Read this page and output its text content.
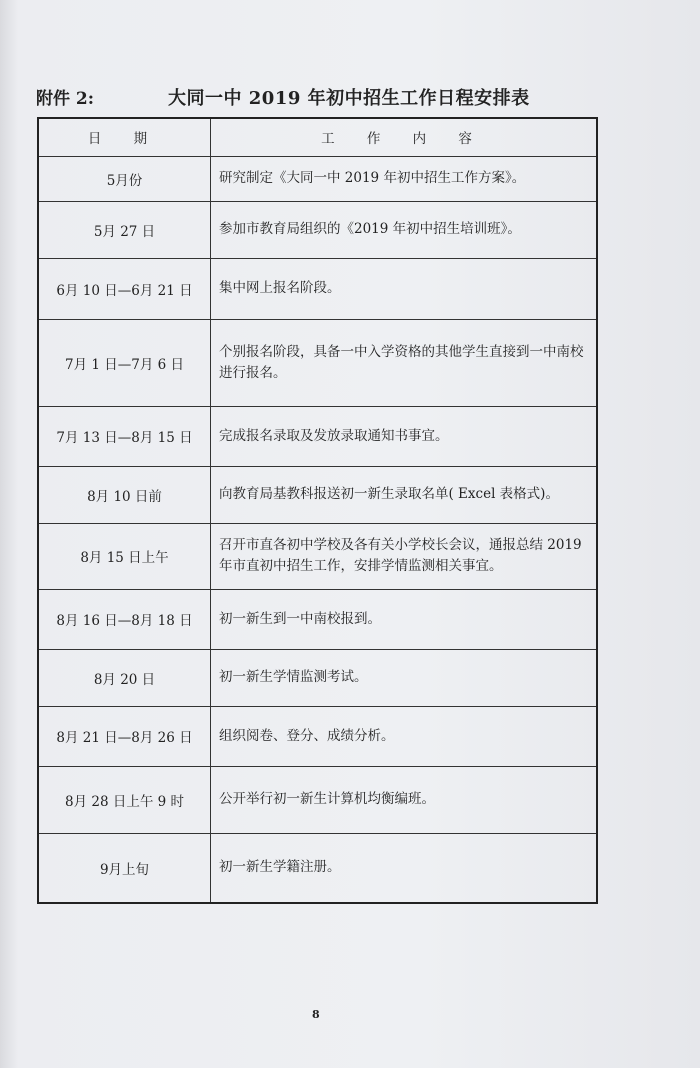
附件 2:	大同一中 2019 年初中招生工作日程安排表
日 期	工 作 内 容
5月份	研究制定《大同一中 2019 年初中招生工作方案》。
5月 27 日	参加市教育局组织的《2019 年初中招生培训班》。
6月 10 日—6月 21 日	集中网上报名阶段。
7月 1 日—7月 6 日	个别报名阶段，具备一中入学资格的其他学生直接到一中南校进行报名。
7月 13 日—8月 15 日	完成报名录取及发放录取通知书事宜。
8月 10 日前	向教育局基教科报送初一新生录取名单( Excel 表格式)。
8月 15 日上午	召开市直各初中学校及各有关小学校长会议，通报总结 2019 年市直初中招生工作，安排学情监测相关事宜。
8月 16 日—8月 18 日	初一新生到一中南校报到。
8月 20 日	初一新生学情监测考试。
8月 21 日—8月 26 日	组织阅卷、登分、成绩分析。
8月 28 日上午 9 时	公开举行初一新生计算机均衡编班。
9月上旬	初一新生学籍注册。
8
